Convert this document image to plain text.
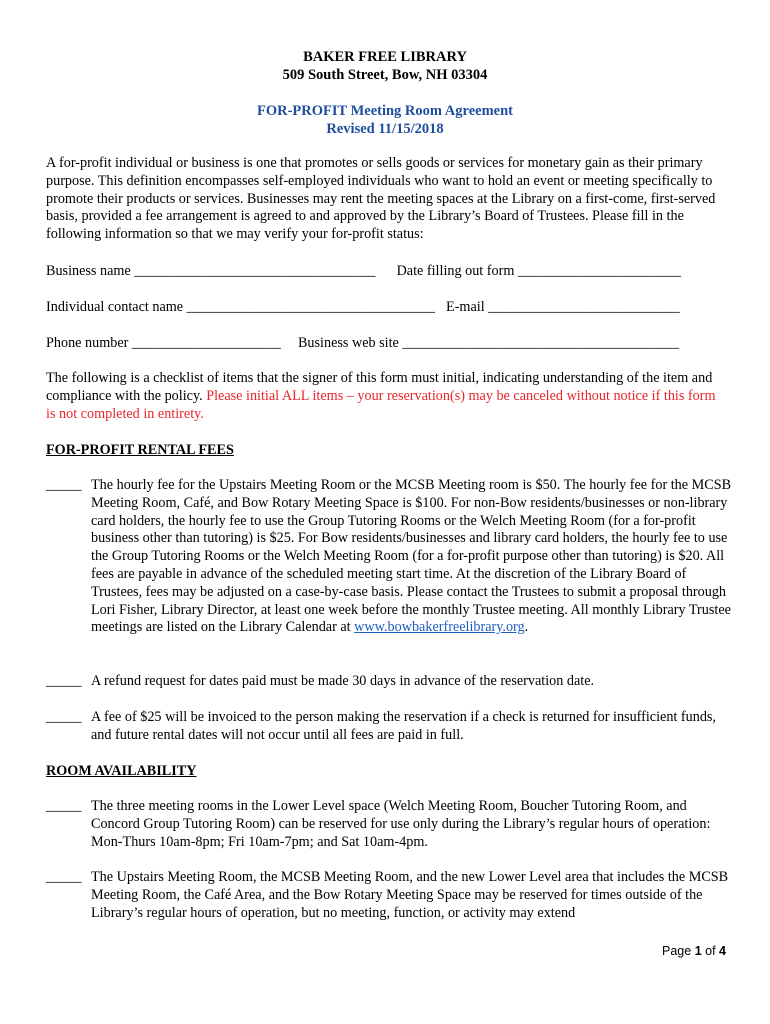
BAKER FREE LIBRARY
509 South Street, Bow, NH 03304
FOR-PROFIT Meeting Room Agreement
Revised 11/15/2018
A for-profit individual or business is one that promotes or sells goods or services for monetary gain as their primary purpose. This definition encompasses self-employed individuals who want to hold an event or meeting specifically to promote their products or services. Businesses may rent the meeting spaces at the Library on a first-come, first-served basis, provided a fee arrangement is agreed to and approved by the Library’s Board of Trustees. Please fill in the following information so that we may verify your for-profit status:
Business name __________________________________ Date filling out form _______________________
Individual contact name ___________________________________ E-mail ___________________________
Phone number _____________________ Business web site _______________________________________
The following is a checklist of items that the signer of this form must initial, indicating understanding of the item and compliance with the policy. Please initial ALL items – your reservation(s) may be canceled without notice if this form is not completed in entirety.
FOR-PROFIT RENTAL FEES
_____ The hourly fee for the Upstairs Meeting Room or the MCSB Meeting room is $50. The hourly fee for the MCSB Meeting Room, Café, and Bow Rotary Meeting Space is $100. For non-Bow residents/businesses or non-library card holders, the hourly fee to use the Group Tutoring Rooms or the Welch Meeting Room (for a for-profit business other than tutoring) is $25. For Bow residents/businesses and library card holders, the hourly fee to use the Group Tutoring Rooms or the Welch Meeting Room (for a for-profit purpose other than tutoring) is $20. All fees are payable in advance of the scheduled meeting start time. At the discretion of the Library Board of Trustees, fees may be adjusted on a case-by-case basis. Please contact the Trustees to submit a proposal through Lori Fisher, Library Director, at least one week before the monthly Trustee meeting. All monthly Library Trustee meetings are listed on the Library Calendar at www.bowbakerfreelibrary.org.
_____ A refund request for dates paid must be made 30 days in advance of the reservation date.
_____ A fee of $25 will be invoiced to the person making the reservation if a check is returned for insufficient funds, and future rental dates will not occur until all fees are paid in full.
ROOM AVAILABILITY
_____ The three meeting rooms in the Lower Level space (Welch Meeting Room, Boucher Tutoring Room, and Concord Group Tutoring Room) can be reserved for use only during the Library’s regular hours of operation: Mon-Thurs 10am-8pm; Fri 10am-7pm; and Sat 10am-4pm.
_____ The Upstairs Meeting Room, the MCSB Meeting Room, and the new Lower Level area that includes the MCSB Meeting Room, the Café Area, and the Bow Rotary Meeting Space may be reserved for times outside of the Library’s regular hours of operation, but no meeting, function, or activity may extend
Page 1 of 4
